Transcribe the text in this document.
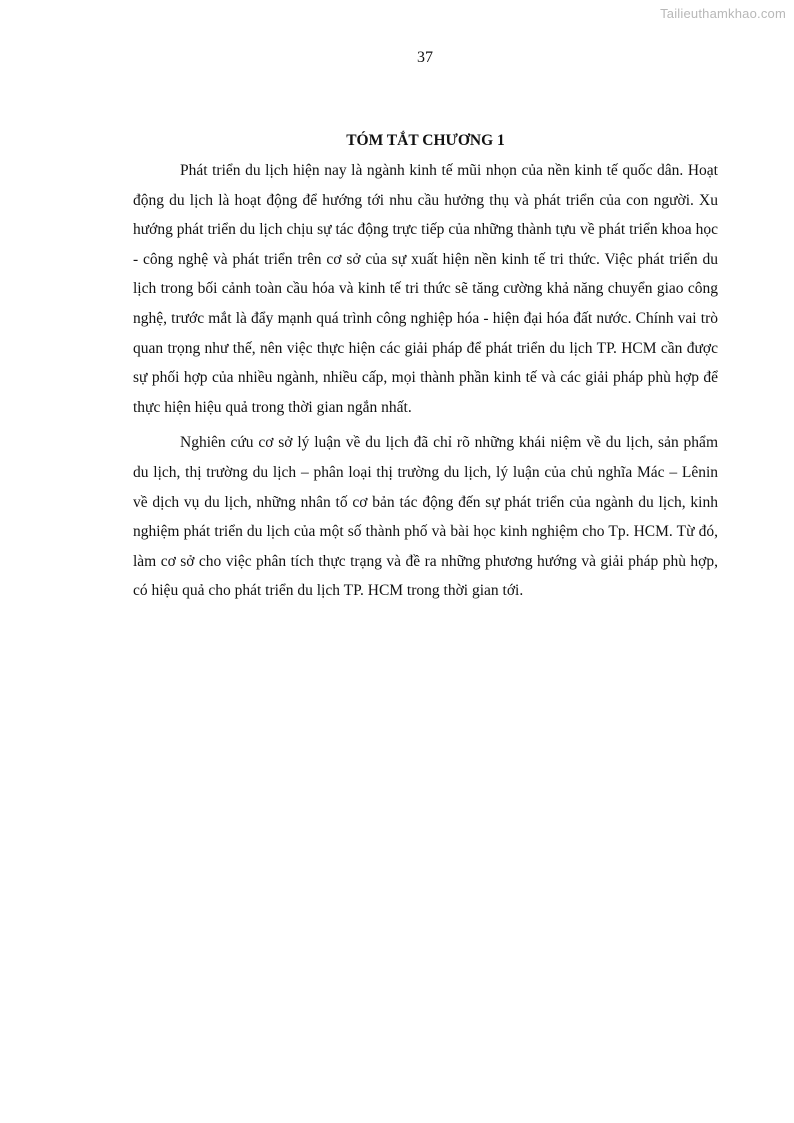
Tailieuthamkhao.com
37
TÓM TẮT CHƯƠNG 1

Phát triển du lịch hiện nay là ngành kinh tế mũi nhọn của nền kinh tế quốc dân. Hoạt động du lịch là hoạt động để hướng tới nhu cầu hưởng thụ và phát triển của con người. Xu hướng phát triển du lịch chịu sự tác động trực tiếp của những thành tựu về phát triển khoa học - công nghệ và phát triển trên cơ sở của sự xuất hiện nền kinh tế tri thức. Việc phát triển du lịch trong bối cảnh toàn cầu hóa và kinh tế tri thức sẽ tăng cường khả năng chuyển giao công nghệ, trước mắt là đẩy mạnh quá trình công nghiệp hóa - hiện đại hóa đất nước. Chính vai trò quan trọng như thế, nên việc thực hiện các giải pháp để phát triển du lịch TP. HCM cần được sự phối hợp của nhiều ngành, nhiều cấp, mọi thành phần kinh tế và các giải pháp phù hợp để thực hiện hiệu quả trong thời gian ngắn nhất.

Nghiên cứu cơ sở lý luận về du lịch đã chỉ rõ những khái niệm về du lịch, sản phẩm du lịch, thị trường du lịch – phân loại thị trường du lịch, lý luận của chủ nghĩa Mác – Lênin về dịch vụ du lịch, những nhân tố cơ bản tác động đến sự phát triển của ngành du lịch, kinh nghiệm phát triển du lịch của một số thành phố và bài học kinh nghiệm cho Tp. HCM. Từ đó, làm cơ sở cho việc phân tích thực trạng và đề ra những phương hướng và giải pháp phù hợp, có hiệu quả cho phát triển du lịch TP. HCM trong thời gian tới.
